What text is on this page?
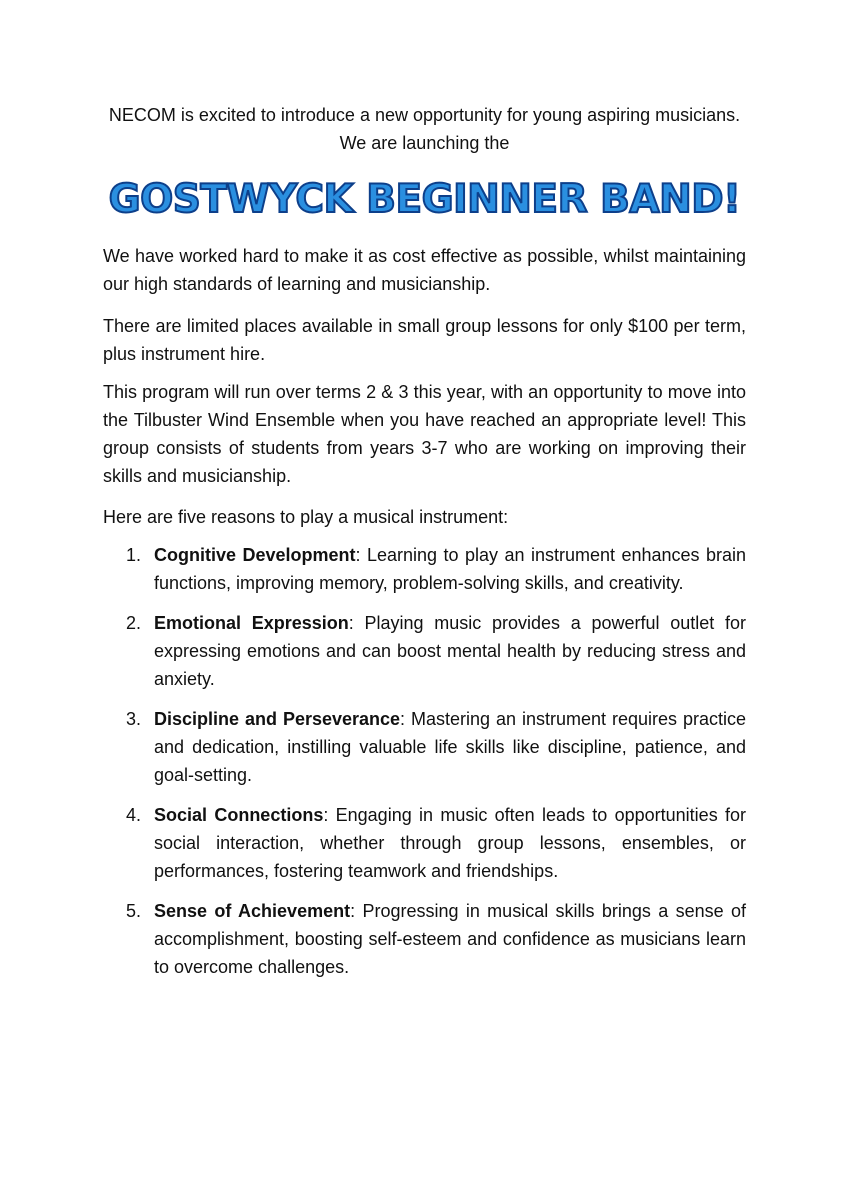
NECOM is excited to introduce a new opportunity for young aspiring musicians. We are launching the

GOSTWYCK BEGINNER BAND!

We have worked hard to make it as cost effective as possible, whilst maintaining our high standards of learning and musicianship.

There are limited places available in small group lessons for only $100 per term, plus instrument hire.

This program will run over terms 2 & 3 this year, with an opportunity to move into the Tilbuster Wind Ensemble when you have reached an appropriate level! This group consists of students from years 3-7 who are working on improving their skills and musicianship.

Here are five reasons to play a musical instrument:

1. Cognitive Development: Learning to play an instrument enhances brain functions, improving memory, problem-solving skills, and creativity.
2. Emotional Expression: Playing music provides a powerful outlet for expressing emotions and can boost mental health by reducing stress and anxiety.
3. Discipline and Perseverance: Mastering an instrument requires practice and dedication, instilling valuable life skills like discipline, patience, and goal-setting.
4. Social Connections: Engaging in music often leads to opportunities for social interaction, whether through group lessons, ensembles, or performances, fostering teamwork and friendships.
5. Sense of Achievement: Progressing in musical skills brings a sense of accomplishment, boosting self-esteem and confidence as musicians learn to overcome challenges.
